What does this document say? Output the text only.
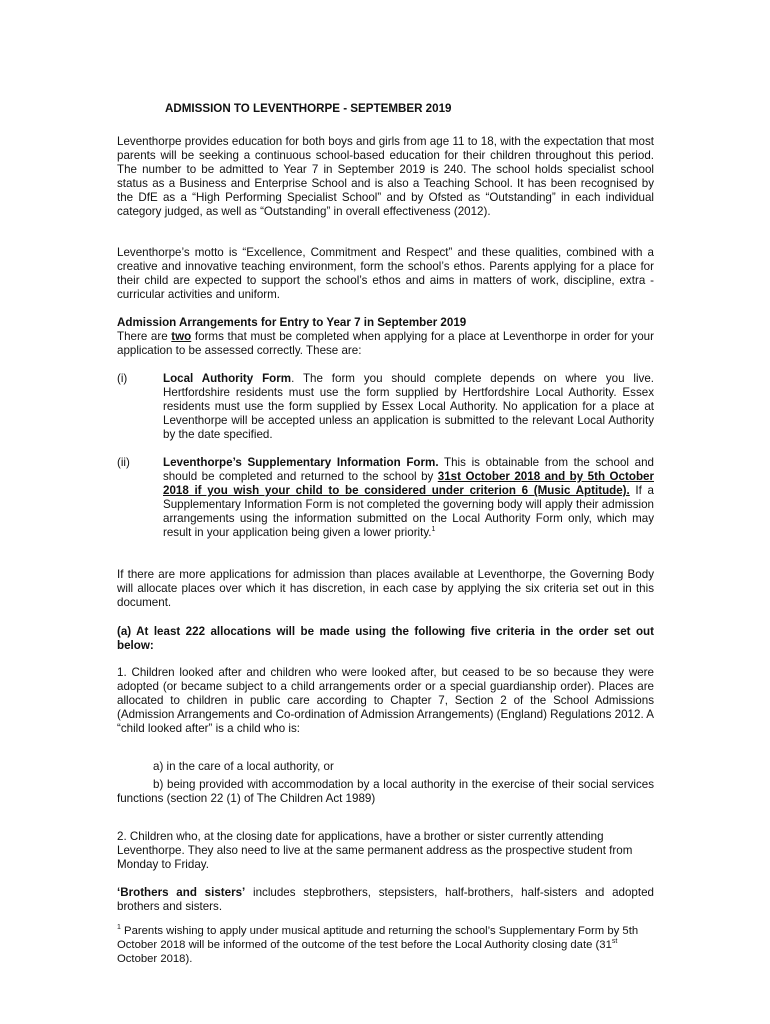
ADMISSION TO LEVENTHORPE - SEPTEMBER 2019

Leventhorpe provides education for both boys and girls from age 11 to 18, with the expectation that most parents will be seeking a continuous school-based education for their children throughout this period. The number to be admitted to Year 7 in September 2019 is 240. The school holds specialist school status as a Business and Enterprise School and is also a Teaching School. It has been recognised by the DfE as a “High Performing Specialist School” and by Ofsted as “Outstanding” in each individual category judged, as well as “Outstanding” in overall effectiveness (2012).

Leventhorpe’s motto is “Excellence, Commitment and Respect” and these qualities, combined with a creative and innovative teaching environment, form the school’s ethos. Parents applying for a place for their child are expected to support the school’s ethos and aims in matters of work, discipline, extra - curricular activities and uniform.

Admission Arrangements for Entry to Year 7 in September 2019
There are two forms that must be completed when applying for a place at Leventhorpe in order for your application to be assessed correctly. These are:
(i)	Local Authority Form. The form you should complete depends on where you live. Hertfordshire residents must use the form supplied by Hertfordshire Local Authority. Essex residents must use the form supplied by Essex Local Authority. No application for a place at Leventhorpe will be accepted unless an application is submitted to the relevant Local Authority by the date specified.

(ii)	Leventhorpe’s Supplementary Information Form. This is obtainable from the school and should be completed and returned to the school by 31st October 2018 and by 5th October 2018 if you wish your child to be considered under criterion 6 (Music Aptitude). If a Supplementary Information Form is not completed the governing body will apply their admission arrangements using the information submitted on the Local Authority Form only, which may result in your application being given a lower priority.$^1$

If there are more applications for admission than places available at Leventhorpe, the Governing Body will allocate places over which it has discretion, in each case by applying the six criteria set out in this document.

(a) At least 222 allocations will be made using the following five criteria in the order set out below:

1. Children looked after and children who were looked after, but ceased to be so because they were adopted (or became subject to a child arrangements order or a special guardianship order). Places are allocated to children in public care according to Chapter 7, Section 2 of the School Admissions (Admission Arrangements and Co-ordination of Admission Arrangements) (England) Regulations 2012. A “child looked after” is a child who is:

a) in the care of a local authority, or

b) being provided with accommodation by a local authority in the exercise of their social services functions (section 22 (1) of The Children Act 1989)

2. Children who, at the closing date for applications, have a brother or sister currently attending Leventhorpe. They also need to live at the same permanent address as the prospective student from Monday to Friday.

‘Brothers and sisters’ includes stepbrothers, stepsisters, half-brothers, half-sisters and adopted brothers and sisters.

$^1$ Parents wishing to apply under musical aptitude and returning the school’s Supplementary Form by 5th October 2018 will be informed of the outcome of the test before the Local Authority closing date (31st October 2018).
